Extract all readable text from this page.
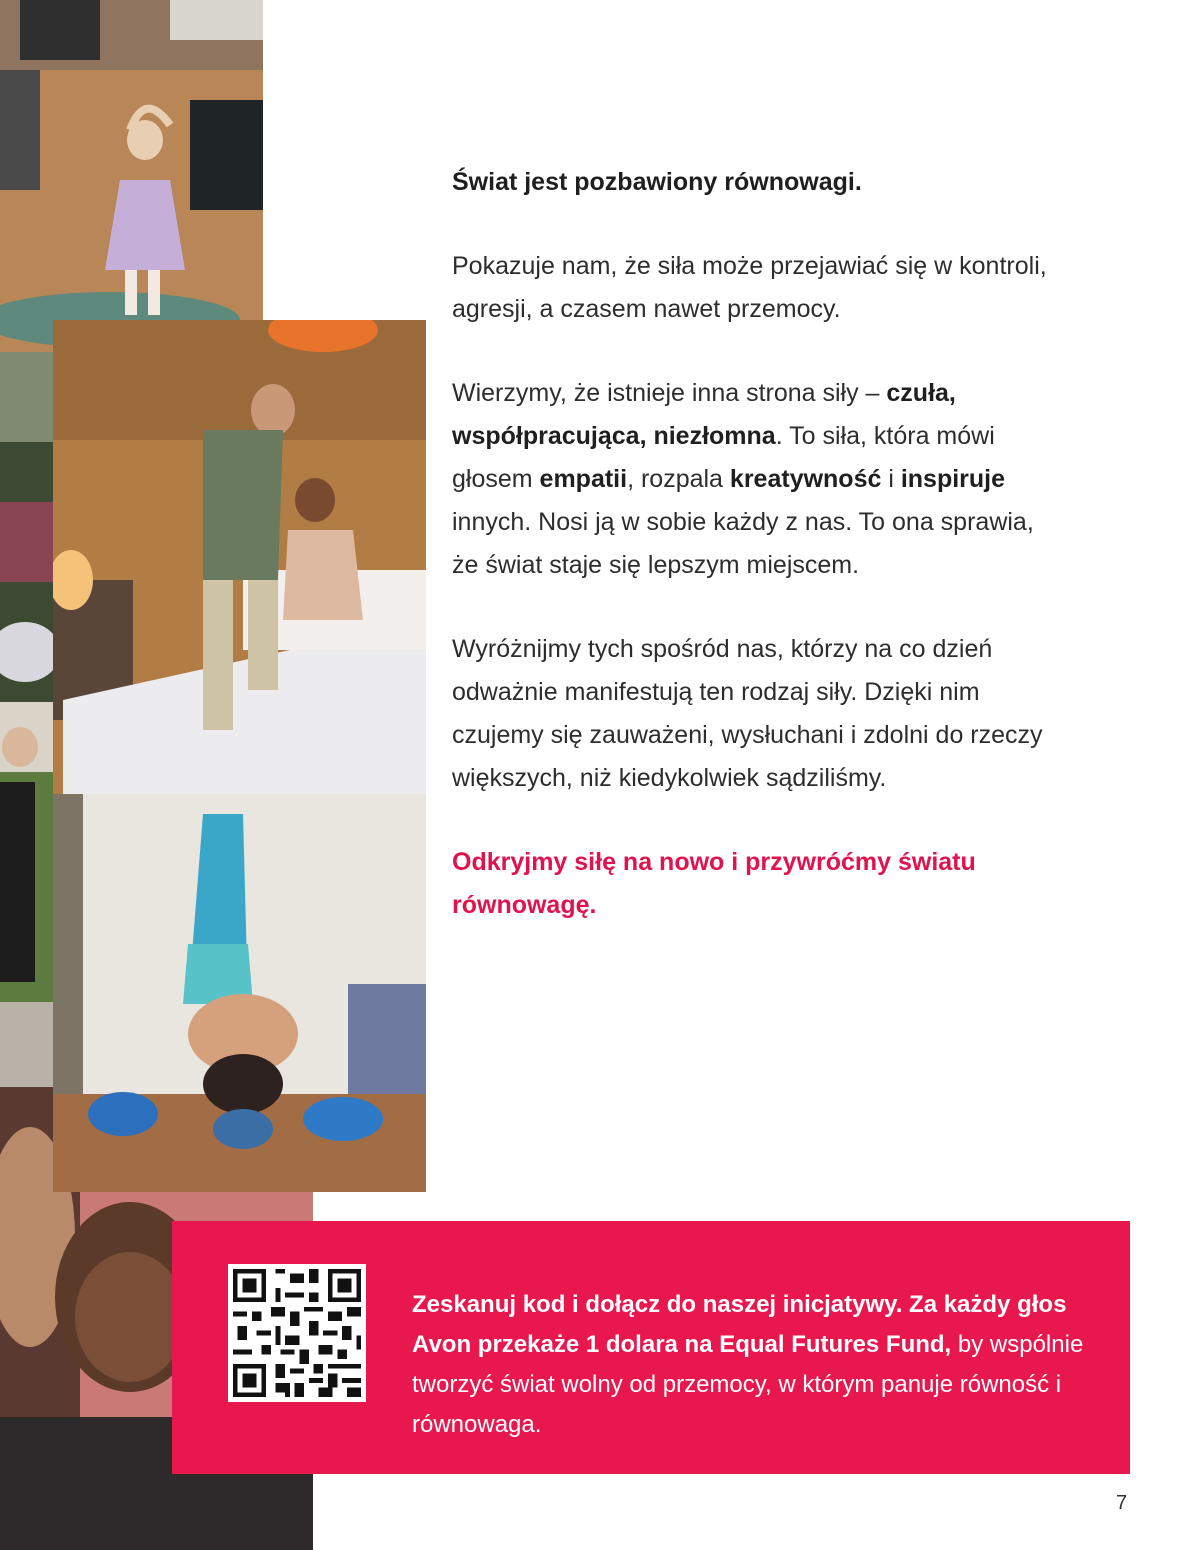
Świat jest pozbawiony równowagi.

Pokazuje nam, że siła może przejawiać się w kontroli, agresji, a czasem nawet przemocy.

Wierzymy, że istnieje inna strona siły – czuła, współpracująca, niezłomna. To siła, która mówi głosem empatii, rozpala kreatywność i inspiruje innych. Nosi ją w sobie każdy z nas. To ona sprawia, że świat staje się lepszym miejscem.

Wyróżnijmy tych spośród nas, którzy na co dzień odważnie manifestują ten rodzaj siły. Dzięki nim czujemy się zauważeni, wysłuchani i zdolni do rzeczy większych, niż kiedykolwiek sądziliśmy.

Odkryjmy siłę na nowo i przywróćmy światu równowagę.

Zeskanuj kod i dołącz do naszej inicjatywy. Za każdy głos Avon przekaże 1 dolara na Equal Futures Fund, by wspólnie tworzyć świat wolny od przemocy, w którym panuje równość i równowaga.

7
